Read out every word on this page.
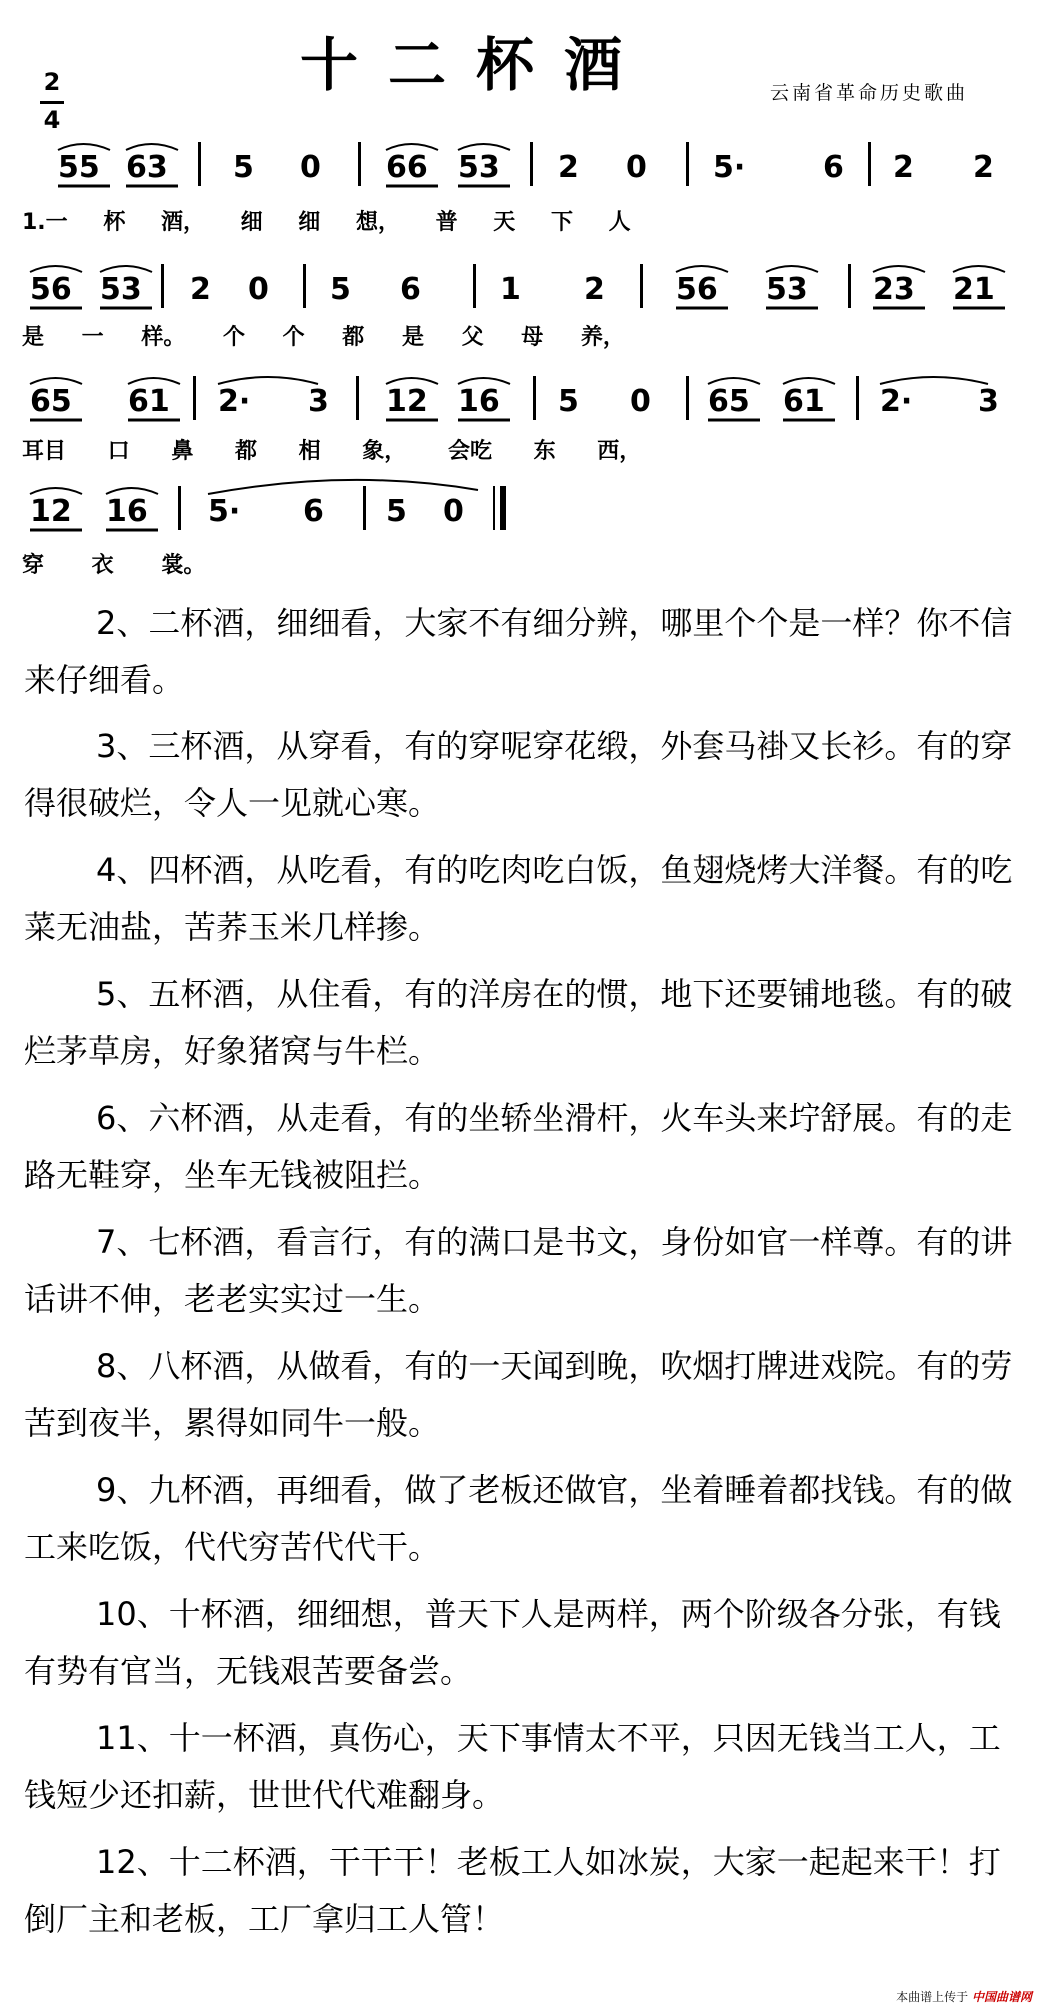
十二杯酒	云南省革命历史歌曲
2
4

55

63

5

0

66

53

2

0

5·

	6

2

2

1.一 杯 酒， 细 细 想， 普 天 下 人

56

53

2

0

5

6

	1

2

56

53

23

21

是 一 样。 个 个 都 是 父 母 养，

65

61

2·

3

12

16

5

0

65

61

2·

3

耳目 口 鼻 都 相 象， 会吃 东 西，

12

16

5·

6

5

0

穿 衣 裳。

2、二杯酒，细细看，大家不有细分辨，哪里个个是一样？你不信来仔细看。

3、三杯酒，从穿看，有的穿呢穿花缎，外套马褂又长衫。有的穿得很破烂，令人一见就心寒。

4、四杯酒，从吃看，有的吃肉吃白饭，鱼翅烧烤大洋餐。有的吃菜无油盐，苦荞玉米几样掺。

5、五杯酒，从住看，有的洋房在的惯，地下还要铺地毯。有的破烂茅草房，好象猪窝与牛栏。

6、六杯酒，从走看，有的坐轿坐滑杆，火车头来坾舒展。有的走路无鞋穿，坐车无钱被阻拦。

7、七杯酒，看言行，有的满口是书文，身份如官一样尊。有的讲话讲不伸，老老实实过一生。

8、八杯酒，从做看，有的一天闻到晚，吹烟打牌进戏院。有的劳苦到夜半，累得如同牛一般。

9、九杯酒，再细看，做了老板还做官，坐着睡着都找钱。有的做工来吃饭，代代穷苦代代干。

10、十杯酒，细细想，普天下人是两样，两个阶级各分张，有钱有势有官当，无钱艰苦要备尝。

11、十一杯酒，真伤心，天下事情太不平，只因无钱当工人，工钱短少还扣薪，世世代代难翻身。

12、十二杯酒，干干干！老板工人如冰炭，大家一起起来干！打倒厂主和老板，工厂拿归工人管！

本曲谱上传于 中国曲谱网
